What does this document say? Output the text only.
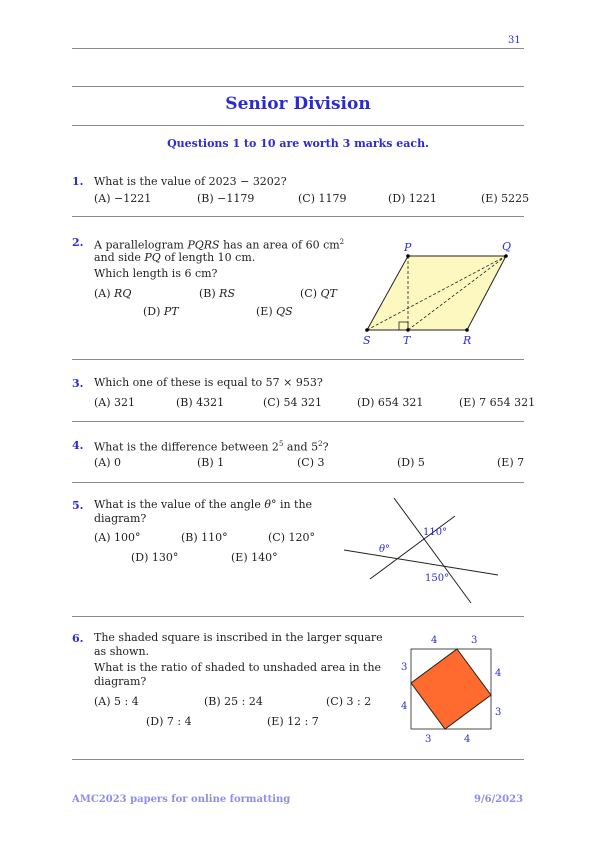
31
Senior Division
Questions 1 to 10 are worth 3 marks each.
1. What is the value of 2023 − 3202?
(A) −1221	(B) −1179	(C) 1179	(D) 1221	(E) 5225
2. A parallelogram PQRS has an area of 60 $cm^2$
and side PQ of length 10 cm.
Which length is 6 cm?
(A) RQ	(B) RS	(C) QT
(D) PT	(E) QS
P	Q
S	T	R
3. Which one of these is equal to 57 × 953?
(A) 321	(B) 4321	(C) 54 321	(D) 654 321	(E) 7 654 321
4. What is the difference between $2^5$ and $5^2$?
(A) 0	(B) 1	(C) 3	(D) 5	(E) 7
5. What is the value of the angle θ° in the
diagram?
(A) 100°	(B) 110°	(C) 120°
(D) 130°	(E) 140°
θ°
110°
150°
6. The shaded square is inscribed in the larger square
as shown.
What is the ratio of shaded to unshaded area in the
diagram?
(A) 5 : 4	(B) 25 : 24	(C) 3 : 2
(D) 7 : 4	(E) 12 : 7
4	3
3
4
4
3
3	4
AMC2023 papers for online formatting	9/6/2023
